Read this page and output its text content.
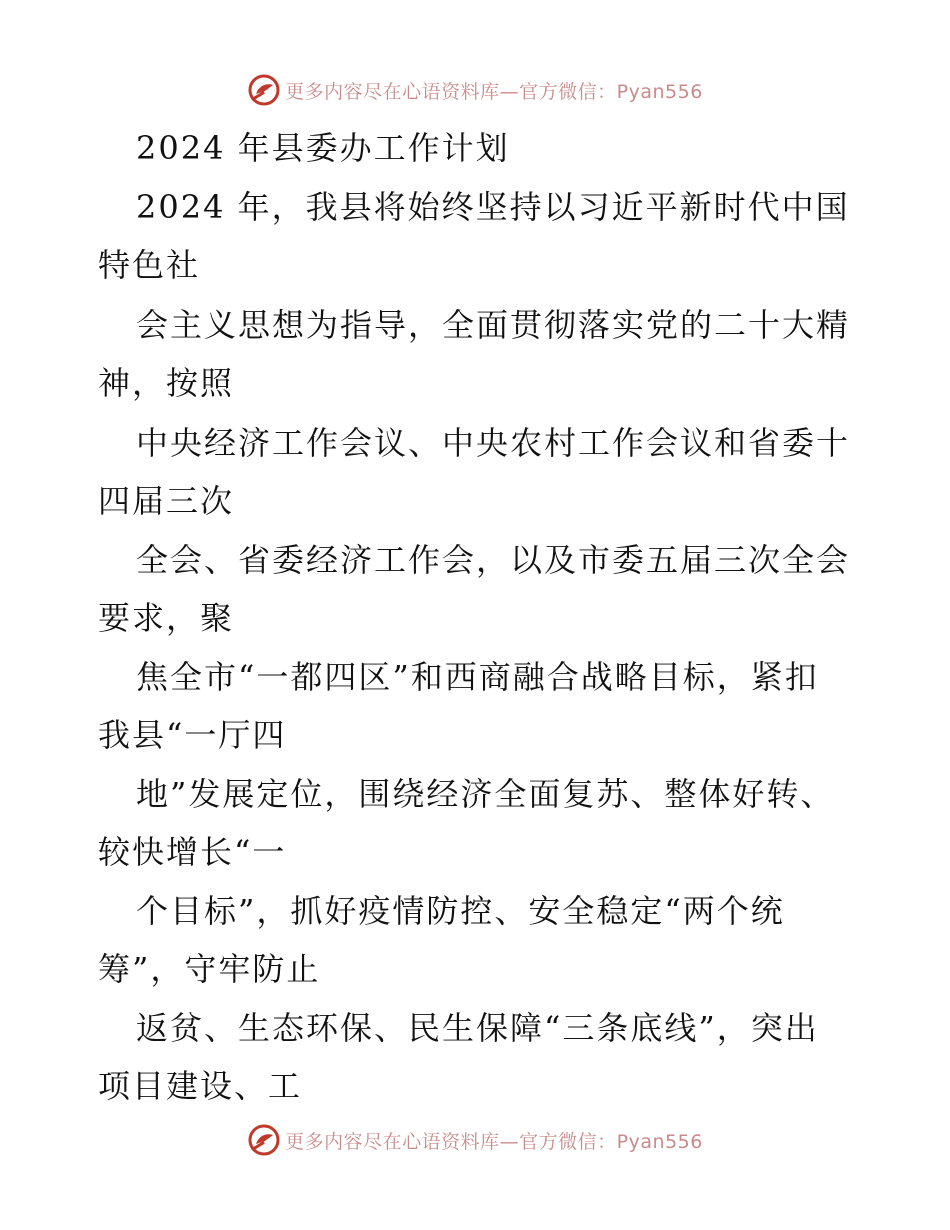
更多内容尽在心语资料库—官方微信：Pyan556
2024 年县委办工作计划
2024 年，我县将始终坚持以习近平新时代中国
特色社
会主义思想为指导，全面贯彻落实党的二十大精
神，按照
中央经济工作会议、中央农村工作会议和省委十
四届三次
全会、省委经济工作会，以及市委五届三次全会
要求，聚
焦全市“一都四区”和西商融合战略目标，紧扣
我县“一厅四
地”发展定位，围绕经济全面复苏、整体好转、
较快增长“一
个目标”，抓好疫情防控、安全稳定“两个统
筹”，守牢防止
返贫、生态环保、民生保障“三条底线”，突出
项目建设、工
更多内容尽在心语资料库—官方微信：Pyan556
